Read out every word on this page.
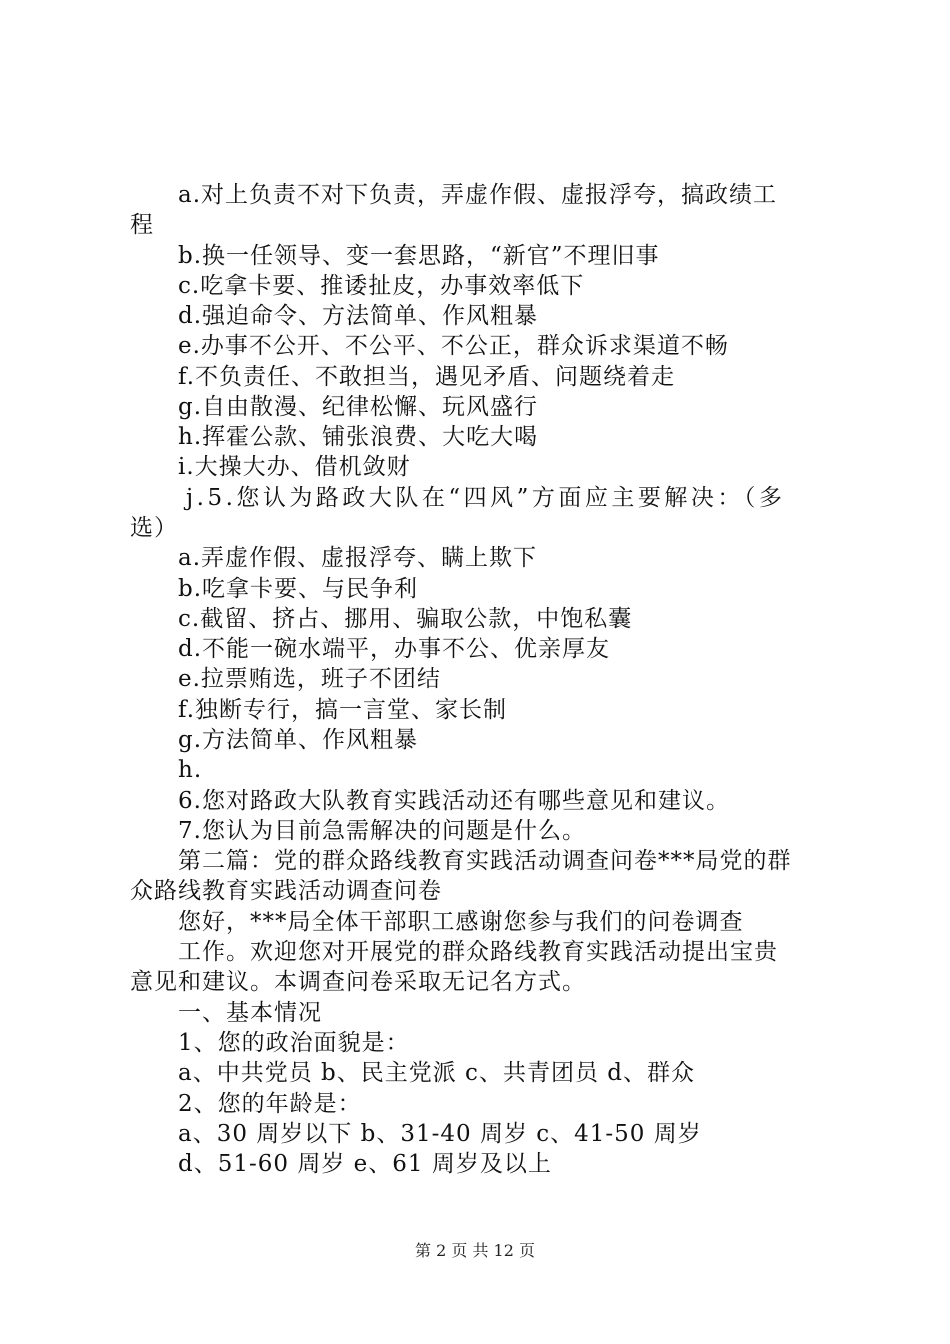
a.对上负责不对下负责，弄虚作假、虚报浮夸，搞政绩工
程
b.换一任领导、变一套思路，“新官”不理旧事
c.吃拿卡要、推诿扯皮，办事效率低下
d.强迫命令、方法简单、作风粗暴
e.办事不公开、不公平、不公正，群众诉求渠道不畅
f.不负责任、不敢担当，遇见矛盾、问题绕着走
g.自由散漫、纪律松懈、玩风盛行
h.挥霍公款、铺张浪费、大吃大喝
i.大操大办、借机敛财
j.5.您认为路政大队在“四风”方面应主要解决：（多
选）
a.弄虚作假、虚报浮夸、瞒上欺下
b.吃拿卡要、与民争利
c.截留、挤占、挪用、骗取公款，中饱私囊
d.不能一碗水端平，办事不公、优亲厚友
e.拉票贿选，班子不团结
f.独断专行，搞一言堂、家长制
g.方法简单、作风粗暴
h.
6.您对路政大队教育实践活动还有哪些意见和建议。
7.您认为目前急需解决的问题是什么。
第二篇：党的群众路线教育实践活动调查问卷***局党的群
众路线教育实践活动调查问卷
您好，***局全体干部职工感谢您参与我们的问卷调查
工作。欢迎您对开展党的群众路线教育实践活动提出宝贵
意见和建议。本调查问卷采取无记名方式。
一、基本情况
1、您的政治面貌是：
a、中共党员 b、民主党派 c、共青团员 d、群众
2、您的年龄是：
a、30 周岁以下 b、31-40 周岁 c、41-50 周岁
d、51-60 周岁 e、61 周岁及以上
第 2 页 共 12 页
